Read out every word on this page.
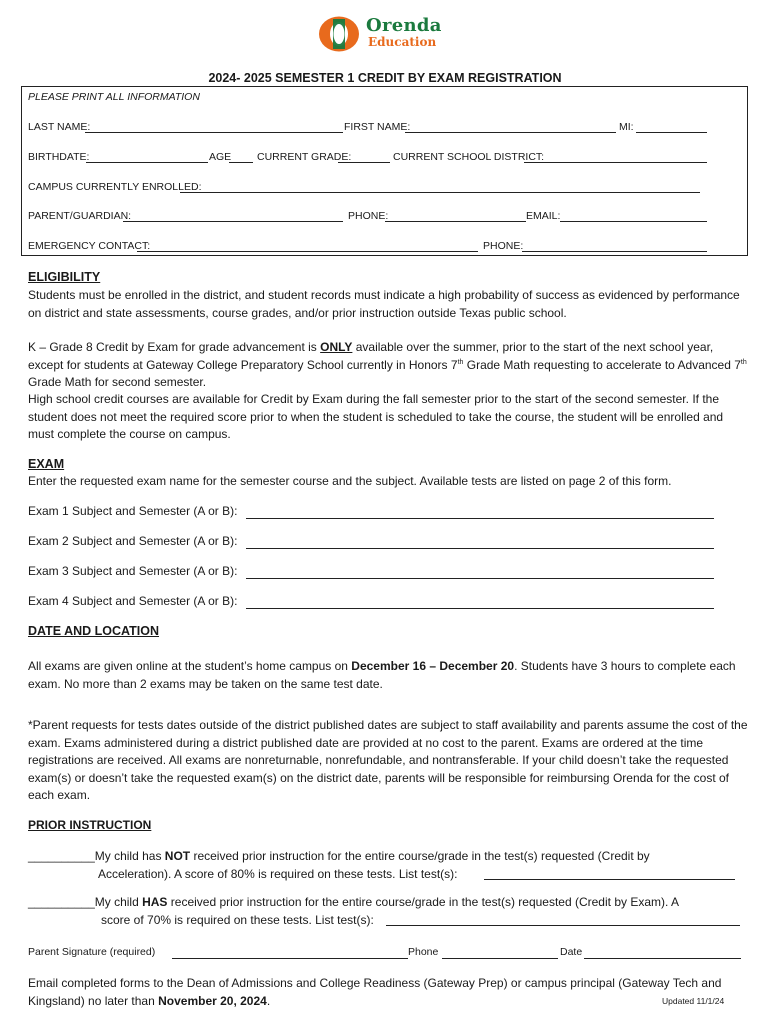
Orenda
Education
2024- 2025 SEMESTER 1 CREDIT BY EXAM REGISTRATION
PLEASE PRINT ALL INFORMATION
LAST NAME:	FIRST NAME:	MI:
BIRTHDATE:	AGE CURRENT GRADE:	CURRENT SCHOOL DISTRICT:
CAMPUS CURRENTLY ENROLLED:
PARENT/GUARDIAN:	PHONE:	EMAIL:
EMERGENCY CONTACT:	PHONE:
ELIGIBILITY
Students must be enrolled in the district, and student records must indicate a high probability of success as evidenced by performance on district and state assessments, course grades, and/or prior instruction outside Texas public school.
K – Grade 8 Credit by Exam for grade advancement is ONLY available over the summer, prior to the start of the next school year, except for students at Gateway College Preparatory School currently in Honors 7th Grade Math requesting to accelerate to Advanced 7th Grade Math for second semester.
High school credit courses are available for Credit by Exam during the fall semester prior to the start of the second semester. If the student does not meet the required score prior to when the student is scheduled to take the course, the student will be enrolled and must complete the course on campus.
EXAM
Enter the requested exam name for the semester course and the subject. Available tests are listed on page 2 of this form.
Exam 1 Subject and Semester (A or B):
Exam 2 Subject and Semester (A or B):
Exam 3 Subject and Semester (A or B):
Exam 4 Subject and Semester (A or B):
DATE AND LOCATION
All exams are given online at the student’s home campus on December 16 – December 20. Students have 3 hours to complete each exam. No more than 2 exams may be taken on the same test date.
*Parent requests for tests dates outside of the district published dates are subject to staff availability and parents assume the cost of the exam. Exams administered during a district published date are provided at no cost to the parent. Exams are ordered at the time registrations are received. All exams are nonreturnable, nonrefundable, and nontransferable. If your child doesn’t take the requested exam(s) or doesn’t take the requested exam(s) on the district date, parents will be responsible for reimbursing Orenda for the cost of each exam.
PRIOR INSTRUCTION
__________My child has NOT received prior instruction for the entire course/grade in the test(s) requested (Credit by
Acceleration). A score of 80% is required on these tests. List test(s):
__________My child HAS received prior instruction for the entire course/grade in the test(s) requested (Credit by Exam). A
score of 70% is required on these tests. List test(s):
Parent Signature (required)	Phone	Date
Email completed forms to the Dean of Admissions and College Readiness (Gateway Prep) or campus principal (Gateway Tech and Kingsland) no later than November 20, 2024.	Updated 11/1/24
